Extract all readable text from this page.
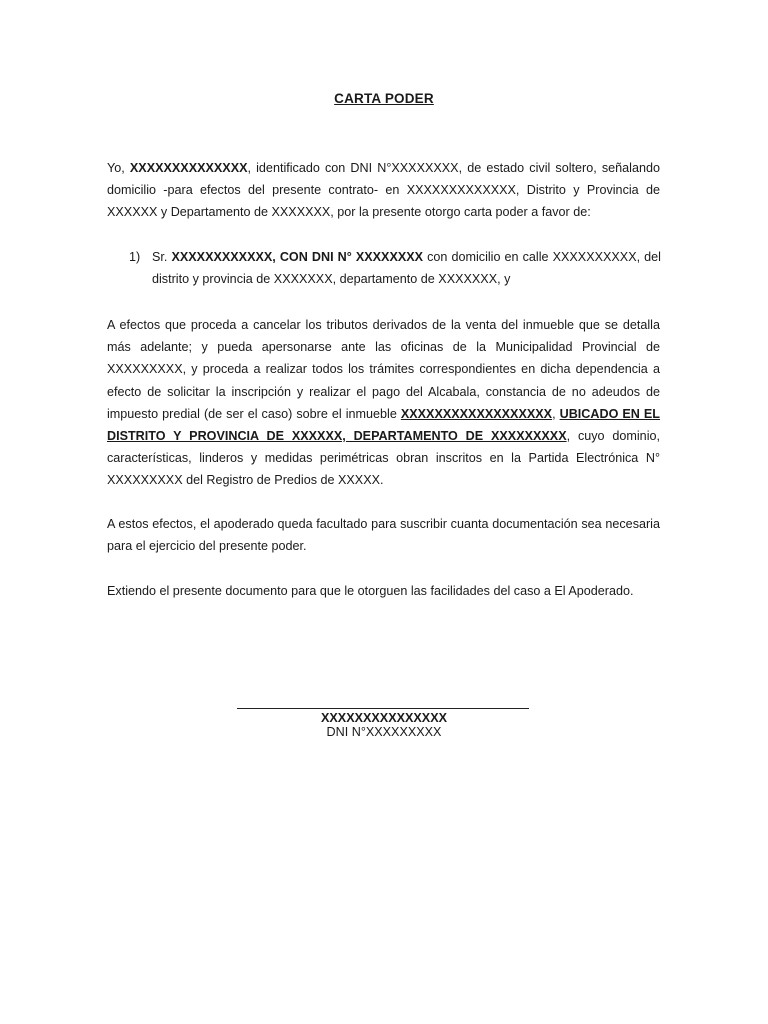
CARTA PODER
Yo, XXXXXXXXXXXXXX, identificado con DNI N°XXXXXXXX, de estado civil soltero, señalando domicilio -para efectos del presente contrato- en XXXXXXXXXXXXX, Distrito y Provincia de XXXXXX y Departamento de XXXXXXX, por la presente otorgo carta poder a favor de:
1) Sr. XXXXXXXXXXXX, CON DNI N° XXXXXXXX con domicilio en calle XXXXXXXXXX, del distrito y provincia de XXXXXXX, departamento de XXXXXXX, y
A efectos que proceda a cancelar los tributos derivados de la venta del inmueble que se detalla más adelante; y pueda apersonarse ante las oficinas de la Municipalidad Provincial de XXXXXXXXX, y proceda a realizar todos los trámites correspondientes en dicha dependencia a efecto de solicitar la inscripción y realizar el pago del Alcabala, constancia de no adeudos de impuesto predial (de ser el caso) sobre el inmueble XXXXXXXXXXXXXXXXXX, UBICADO EN EL DISTRITO Y PROVINCIA DE XXXXXX, DEPARTAMENTO DE XXXXXXXXX, cuyo dominio, características, linderos y medidas perimétricas obran inscritos en la Partida Electrónica N° XXXXXXXXX del Registro de Predios de XXXXX.
A estos efectos, el apoderado queda facultado para suscribir cuanta documentación sea necesaria para el ejercicio del presente poder.
Extiendo el presente documento para que le otorguen las facilidades del caso a El Apoderado.
XXXXXXXXXXXXXXX
DNI N°XXXXXXXXX
